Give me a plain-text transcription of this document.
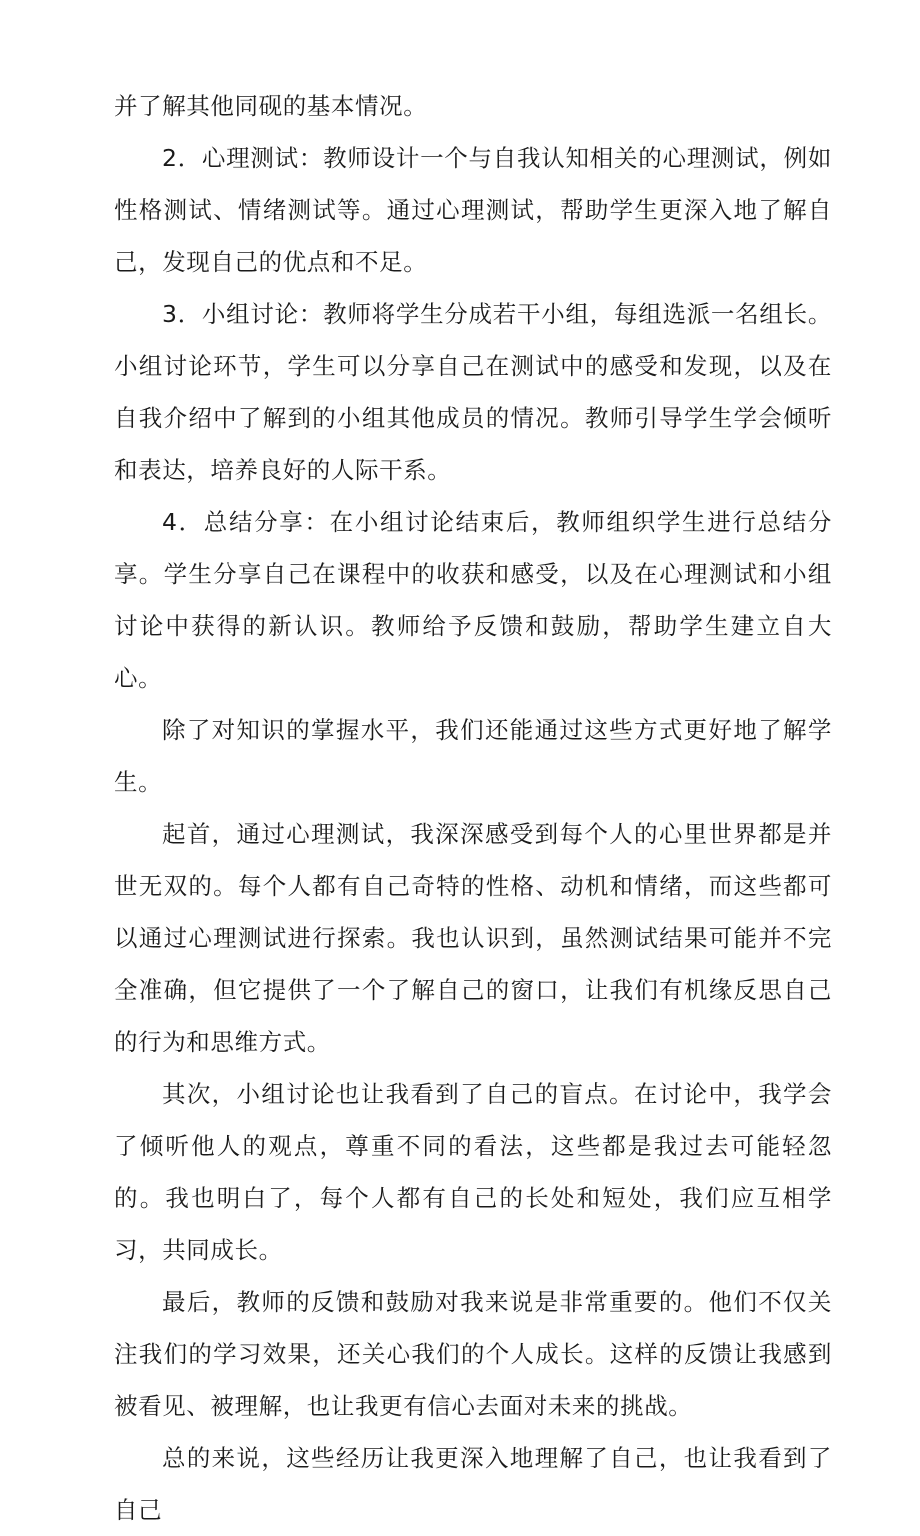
并了解其他同砚的基本情况。

2．心理测试：教师设计一个与自我认知相关的心理测试，例如性格测试、情绪测试等。通过心理测试，帮助学生更深入地了解自己，发现自己的优点和不足。

3．小组讨论：教师将学生分成若干小组，每组选派一名组长。小组讨论环节，学生可以分享自己在测试中的感受和发现，以及在自我介绍中了解到的小组其他成员的情况。教师引导学生学会倾听和表达，培养良好的人际干系。

4．总结分享：在小组讨论结束后，教师组织学生进行总结分享。学生分享自己在课程中的收获和感受，以及在心理测试和小组讨论中获得的新认识。教师给予反馈和鼓励，帮助学生建立自大心。

除了对知识的掌握水平，我们还能通过这些方式更好地了解学生。

起首，通过心理测试，我深深感受到每个人的心里世界都是并世无双的。每个人都有自己奇特的性格、动机和情绪，而这些都可以通过心理测试进行探索。我也认识到，虽然测试结果可能并不完全准确，但它提供了一个了解自己的窗口，让我们有机缘反思自己的行为和思维方式。

其次，小组讨论也让我看到了自己的盲点。在讨论中，我学会了倾听他人的观点，尊重不同的看法，这些都是我过去可能轻忽的。我也明白了，每个人都有自己的长处和短处，我们应互相学习，共同成长。

最后，教师的反馈和鼓励对我来说是非常重要的。他们不仅关注我们的学习效果，还关心我们的个人成长。这样的反馈让我感到被看见、被理解，也让我更有信心去面对未来的挑战。

总的来说，这些经历让我更深入地理解了自己，也让我看到了自己
